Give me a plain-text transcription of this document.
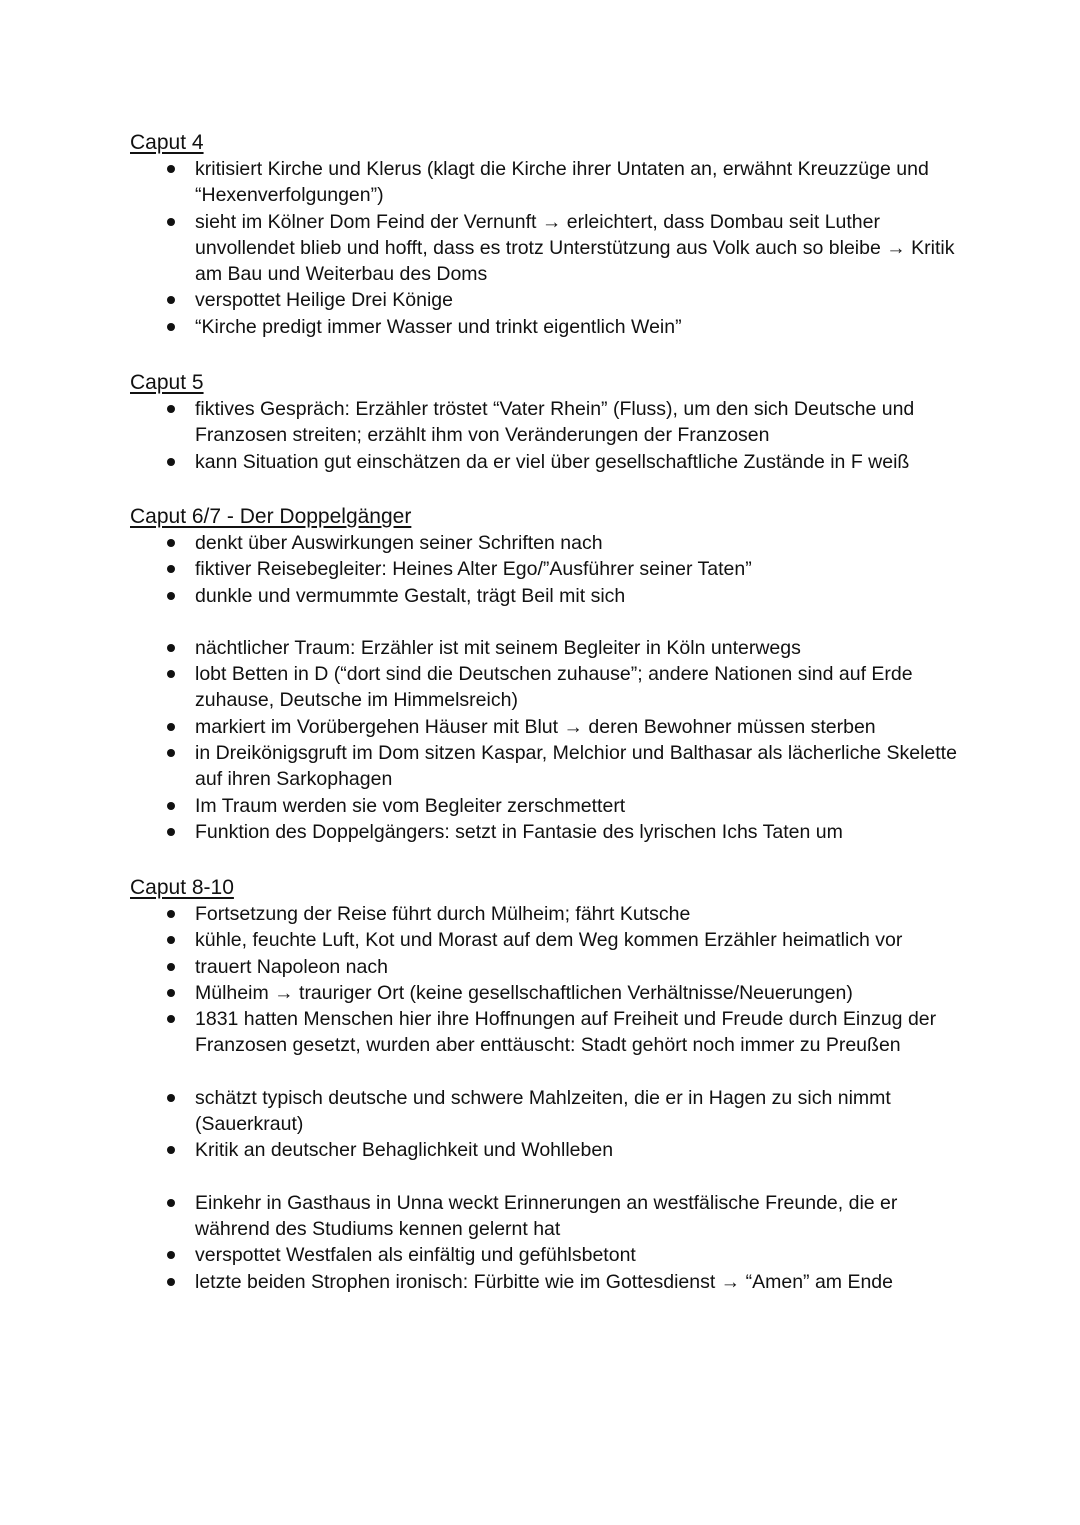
Caput 4
kritisiert Kirche und Klerus (klagt die Kirche ihrer Untaten an, erwähnt Kreuzzüge und “Hexenverfolgungen”)
sieht im Kölner Dom Feind der Vernunft → erleichtert, dass Dombau seit Luther unvollendet blieb und hofft, dass es trotz Unterstützung aus Volk auch so bleibe → Kritik am Bau und Weiterbau des Doms
verspottet Heilige Drei Könige
“Kirche predigt immer Wasser und trinkt eigentlich Wein”
Caput 5
fiktives Gespräch: Erzähler tröstet “Vater Rhein” (Fluss), um den sich Deutsche und Franzosen streiten; erzählt ihm von Veränderungen der Franzosen
kann Situation gut einschätzen da er viel über gesellschaftliche Zustände in F weiß
Caput 6/7 - Der Doppelgänger
denkt über Auswirkungen seiner Schriften nach
fiktiver Reisebegleiter: Heines Alter Ego/”Ausführer seiner Taten”
dunkle und vermummte Gestalt, trägt Beil mit sich
nächtlicher Traum: Erzähler ist mit seinem Begleiter in Köln unterwegs
lobt Betten in D (“dort sind die Deutschen zuhause”; andere Nationen sind auf Erde zuhause, Deutsche im Himmelsreich)
markiert im Vorübergehen Häuser mit Blut → deren Bewohner müssen sterben
in Dreikönigsgruft im Dom sitzen Kaspar, Melchior und Balthasar als lächerliche Skelette auf ihren Sarkophagen
Im Traum werden sie vom Begleiter zerschmettert
Funktion des Doppelgängers: setzt in Fantasie des lyrischen Ichs Taten um
Caput 8-10
Fortsetzung der Reise führt durch Mülheim; fährt Kutsche
kühle, feuchte Luft, Kot und Morast auf dem Weg kommen Erzähler heimatlich vor
trauert Napoleon nach
Mülheim → trauriger Ort (keine gesellschaftlichen Verhältnisse/Neuerungen)
1831 hatten Menschen hier ihre Hoffnungen auf Freiheit und Freude durch Einzug der Franzosen gesetzt, wurden aber enttäuscht: Stadt gehört noch immer zu Preußen
schätzt typisch deutsche und schwere Mahlzeiten, die er in Hagen zu sich nimmt (Sauerkraut)
Kritik an deutscher Behaglichkeit und Wohlleben
Einkehr in Gasthaus in Unna weckt Erinnerungen an westfälische Freunde, die er während des Studiums kennen gelernt hat
verspottet Westfalen als einfältig und gefühlsbetont
letzte beiden Strophen ironisch: Fürbitte wie im Gottesdienst → “Amen” am Ende
